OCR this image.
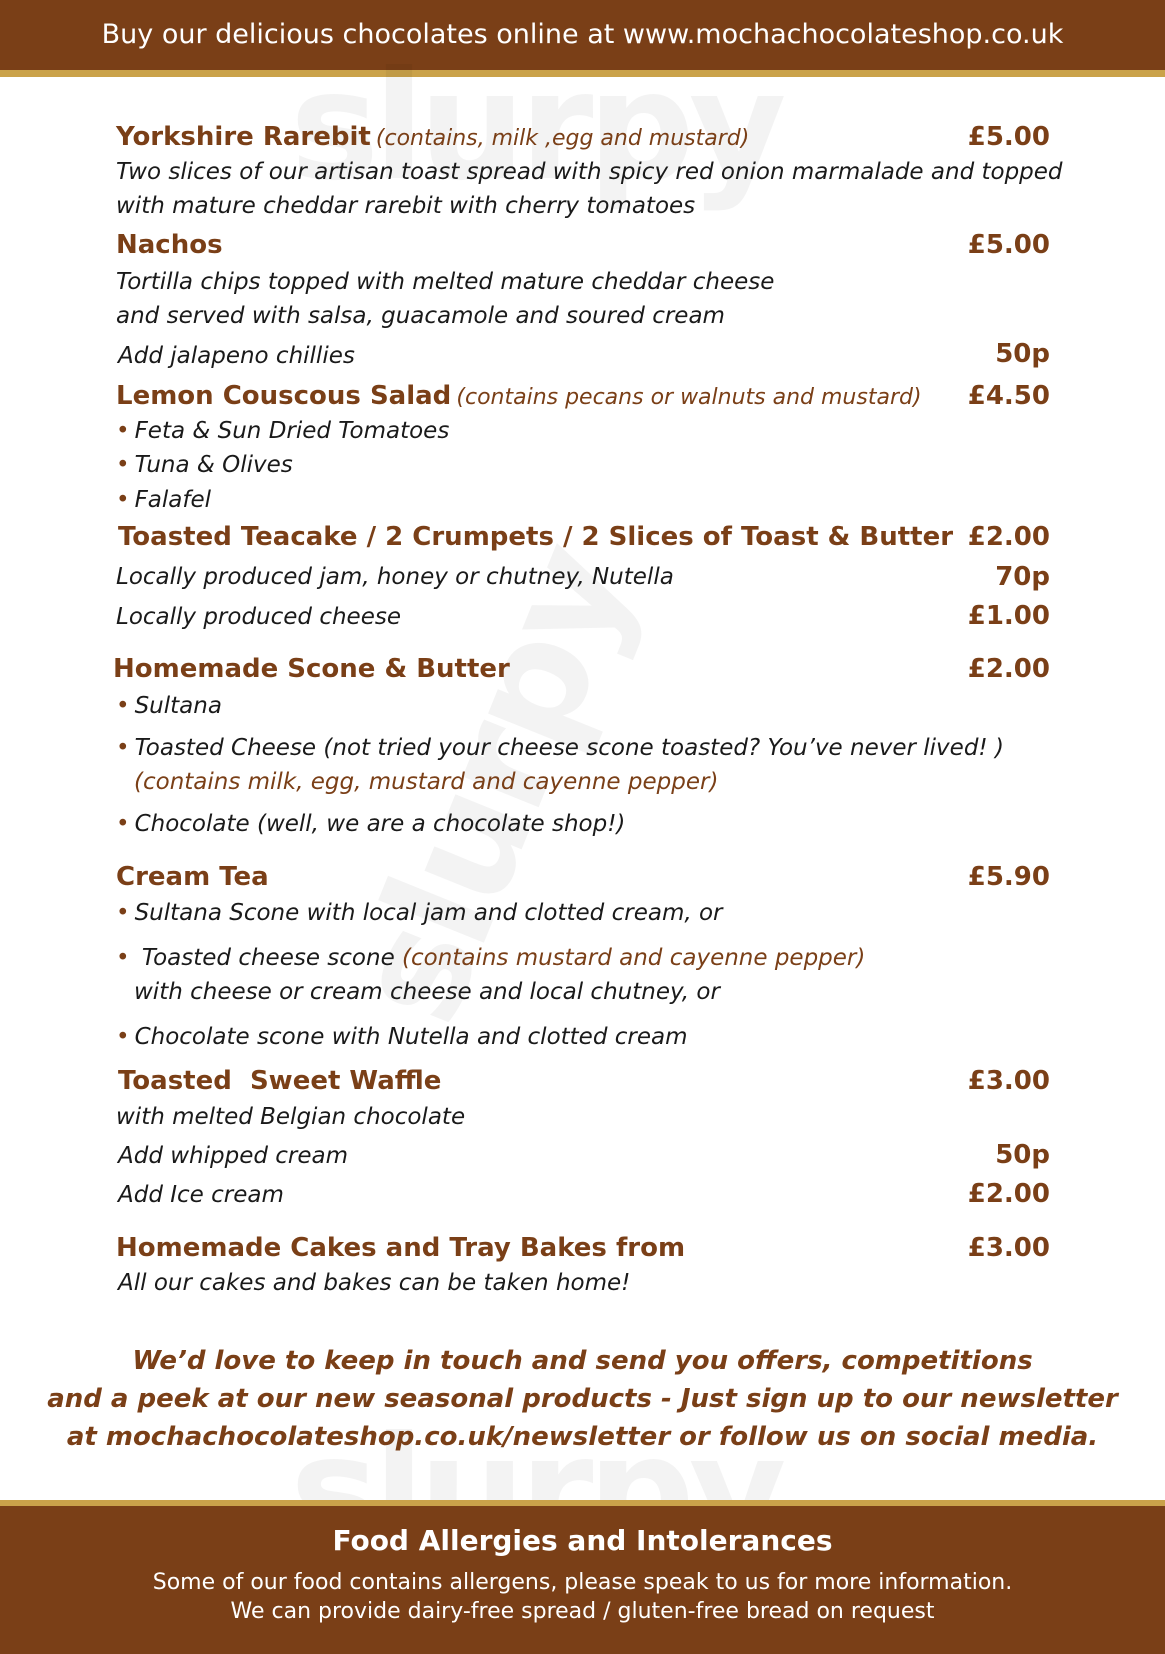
Buy our delicious chocolates online at www.mochachocolateshop.co.uk
Yorkshire Rarebit (contains, milk ,egg and mustard)	£5.00
Two slices of our artisan toast spread with spicy red onion marmalade and topped
with mature cheddar rarebit with cherry tomatoes
Nachos	£5.00
Tortilla chips topped with melted mature cheddar cheese
and served with salsa, guacamole and soured cream
Add jalapeno chillies	50p
Lemon Couscous Salad (contains pecans or walnuts and mustard) £4.50
• Feta & Sun Dried Tomatoes
• Tuna & Olives
• Falafel
Toasted Teacake / 2 Crumpets / 2 Slices of Toast & Butter £2.00
Locally produced jam, honey or chutney, Nutella	70p
Locally produced cheese	£1.00
Homemade Scone & Butter	£2.00
• Sultana
• Toasted Cheese (not tried your cheese scone toasted? You’ve never lived! )
(contains milk, egg, mustard and cayenne pepper)
• Chocolate (well, we are a chocolate shop!)
Cream Tea	£5.90
• Sultana Scone with local jam and clotted cream, or
• Toasted cheese scone (contains mustard and cayenne pepper)
with cheese or cream cheese and local chutney, or
• Chocolate scone with Nutella and clotted cream
Toasted  Sweet Waffle	£3.00
with melted Belgian chocolate
Add whipped cream	50p
Add Ice cream	£2.00
Homemade Cakes and Tray Bakes from	£3.00
All our cakes and bakes can be taken home!
We’d love to keep in touch and send you offers, competitions
and a peek at our new seasonal products - Just sign up to our newsletter
at mochachocolateshop.co.uk/newsletter or follow us on social media.
Food Allergies and Intolerances
Some of our food contains allergens, please speak to us for more information.
We can provide dairy-free spread / gluten-free bread on request
